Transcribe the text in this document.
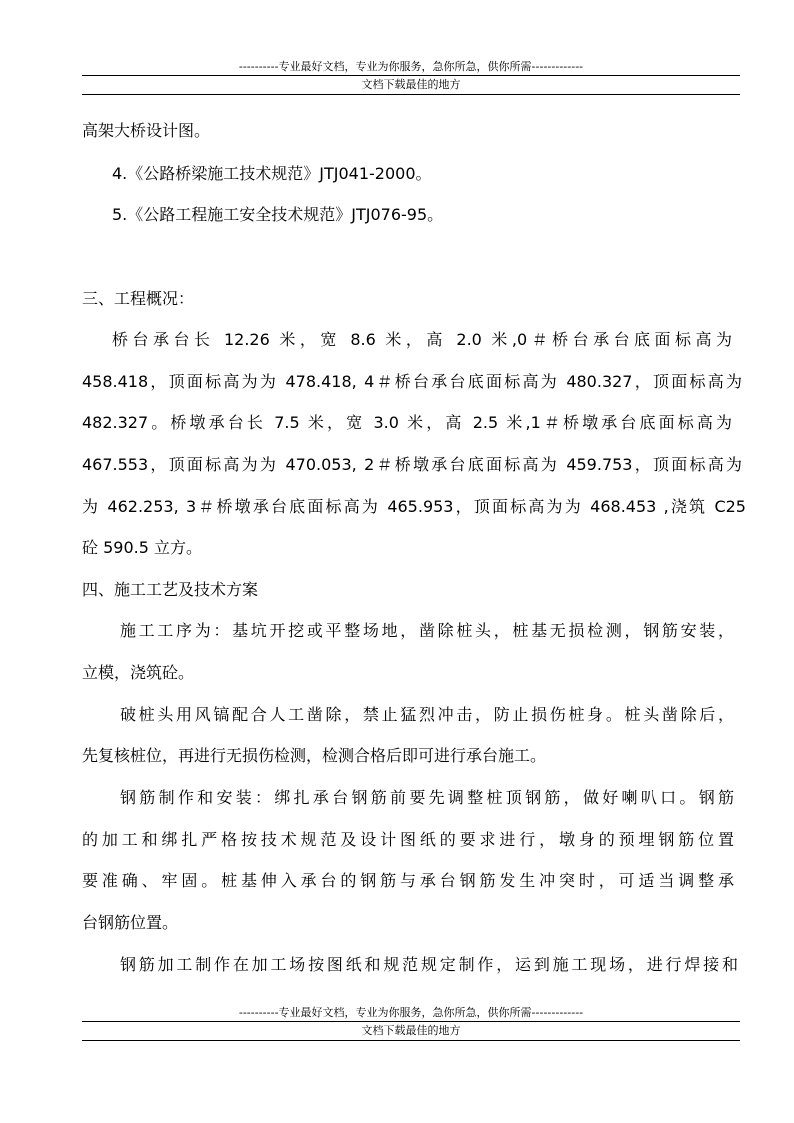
----------专业最好文档，专业为你服务，急你所急，供你所需-------------
文档下载最佳的地方
高架大桥设计图。
4.《公路桥梁施工技术规范》JTJ041-2000。
5.《公路工程施工安全技术规范》JTJ076-95。
三、工程概况：
桥台承台长 12.26 米，宽 8.6 米，高 2.0 米,0＃桥台承台底面标高为
458.418，顶面标高为为 478.418, 4＃桥台承台底面标高为 480.327，顶面标高为
482.327。桥墩承台长 7.5 米，宽 3.0 米，高 2.5 米,1＃桥墩承台底面标高为
467.553，顶面标高为为 470.053, 2＃桥墩承台底面标高为 459.753，顶面标高为
为 462.253, 3＃桥墩承台底面标高为 465.953，顶面标高为为 468.453 ,浇筑 C25
砼 590.5 立方。
四、施工工艺及技术方案
施工工序为：基坑开挖或平整场地，凿除桩头，桩基无损检测，钢筋安装，
立模，浇筑砼。
破桩头用风镐配合人工凿除，禁止猛烈冲击，防止损伤桩身。桩头凿除后，
先复核桩位，再进行无损伤检测，检测合格后即可进行承台施工。
钢筋制作和安装：绑扎承台钢筋前要先调整桩顶钢筋，做好喇叭口。钢筋
的加工和绑扎严格按技术规范及设计图纸的要求进行，墩身的预埋钢筋位置
要准确、牢固。桩基伸入承台的钢筋与承台钢筋发生冲突时，可适当调整承
台钢筋位置。
钢筋加工制作在加工场按图纸和规范规定制作，运到施工现场，进行焊接和
----------专业最好文档，专业为你服务，急你所急，供你所需-------------
文档下载最佳的地方
